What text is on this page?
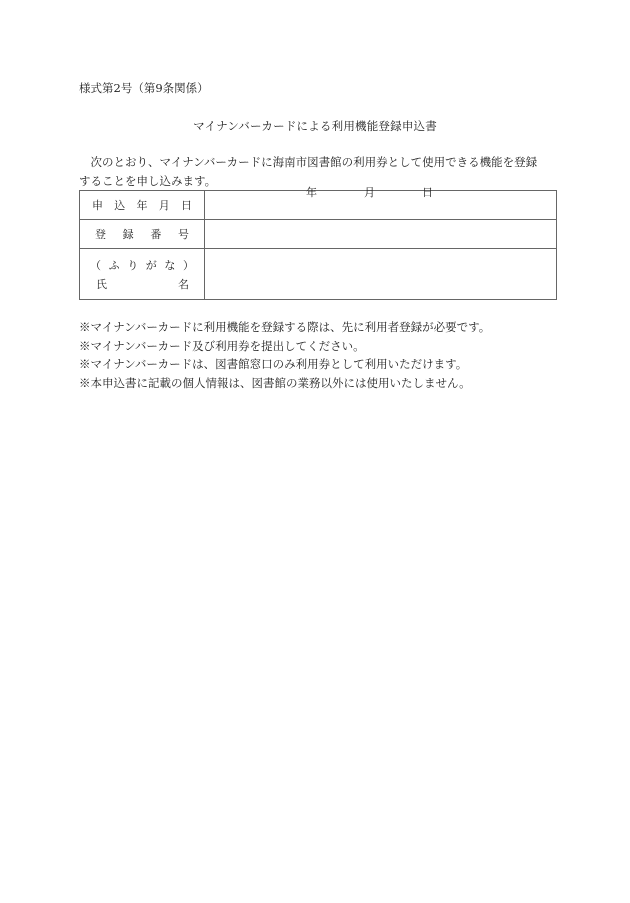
様式第2号（第9条関係）
マイナンバーカードによる利用機能登録申込書
次のとおり、マイナンバーカードに海南市図書館の利用券として使用できる機能を登録
することを申し込みます。
申 込 年 月 日	年 月 日

登 録 番 号	

（ ふ り が な ）
氏	名

※マイナンバーカードに利用機能を登録する際は、先に利用者登録が必要です。
※マイナンバーカード及び利用券を提出してください。
※マイナンバーカードは、図書館窓口のみ利用券として利用いただけます。
※本申込書に記載の個人情報は、図書館の業務以外には使用いたしません。
